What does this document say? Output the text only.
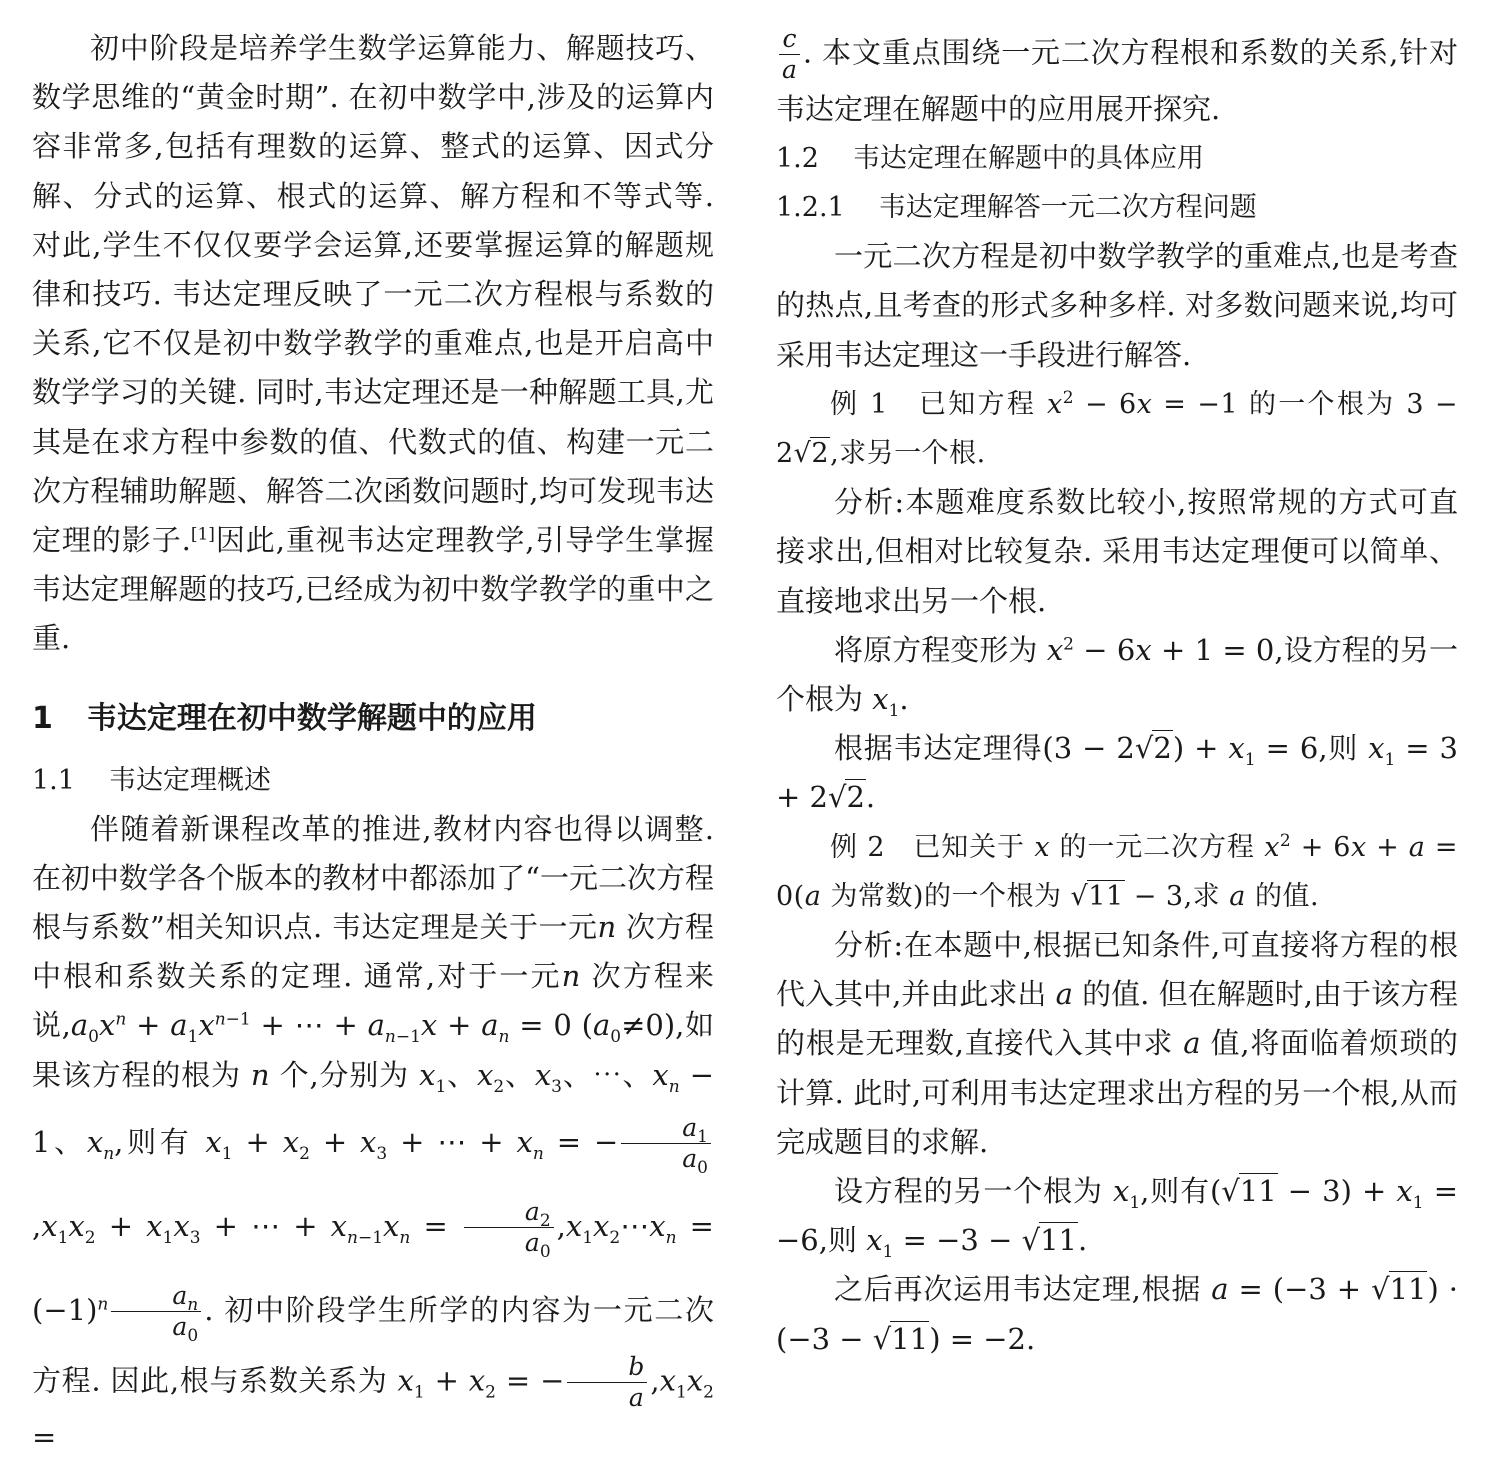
初中阶段是培养学生数学运算能力、解题技巧、数学思维的“黄金时期”. 在初中数学中,涉及的运算内容非常多,包括有理数的运算、整式的运算、因式分解、分式的运算、根式的运算、解方程和不等式等. 对此,学生不仅仅要学会运算,还要掌握运算的解题规律和技巧. 韦达定理反映了一元二次方程根与系数的关系,它不仅是初中数学教学的重难点,也是开启高中数学学习的关键. 同时,韦达定理还是一种解题工具,尤其是在求方程中参数的值、代数式的值、构建一元二次方程辅助解题、解答二次函数问题时,均可发现韦达定理的影子.[1]因此,重视韦达定理教学,引导学生掌握韦达定理解题的技巧,已经成为初中数学教学的重中之重.

1 韦达定理在初中数学解题中的应用
1.1 韦达定理概述

伴随着新课程改革的推进,教材内容也得以调整. 在初中数学各个版本的教材中都添加了“一元二次方程根与系数”相关知识点. 韦达定理是关于一元n 次方程中根和系数关系的定理. 通常,对于一元n 次方程来说$,a_0x^n + a_1x^{n-1}$ + ⋯ + $a_{n-1}x + a_n = 0$ $(a_0\ne 0)$,如果该方程的根为 n 个,分别为 $x_1$、$x_2$、$x_3$、⋯、$x_n - 1$、$x_n$,则有 $x_1 + x_2 + x_3$ + ⋯ + $x_n$ = − $\frac{a_1}{a_0}$
$,x_1x_2 + x_1x_3$ + ⋯ + $x_{n-1}x_n = \frac{a_2}{a_0}$ $,x_1x_2\cdots x_n = (-1)^n \frac{a_n}{a_0}$ . 初中阶段学生所学的内容为一元二次方程. 因此,根与系数关系为 $x_1 + x_2$ = − $\frac{b}{a} ,x_1x_2$ =

$\frac{c}{a}$ . 本文重点围绕一元二次方程根和系数的关系,针对韦达定理在解题中的应用展开探究.

1.2 韦达定理在解题中的具体应用
1.2.1 韦达定理解答一元二次方程问题

一元二次方程是初中数学教学的重难点,也是考查的热点,且考查的形式多种多样. 对多数问题来说,均可采用韦达定理这一手段进行解答.

例 1　 已知方程 $x^2 - 6x = -1$ 的一个根为 3 − 2√2,求另一个根.

分析:本题难度系数比较小,按照常规的方式可直接求出,但相对比较复杂. 采用韦达定理便可以简单、直接地求出另一个根.

将原方程变形为 $x^2 - 6x + 1 = 0$,设方程的另一个根为 $x_1$.

根据韦达定理得$(3 - 2√2) + x_1 = 6$,则 $x_1 = 3 + 2√2$.

例 2　 已知关于 x 的一元二次方程 $x^2 + 6x + a = 0(a$ 为常数)的一个根为 √11 − 3,求 a 的值.

分析:在本题中,根据已知条件,可直接将方程的根代入其中,并由此求出 a 的值. 但在解题时,由于该方程的根是无理数,直接代入其中求 a 值,将面临着烦琐的计算. 此时,可利用韦达定理求出方程的另一个根,从而完成题目的求解.

设方程的另一个根为 $x_1$,则有$(√11 - 3) + x_1 = -6$,则 $x_1 = -3 - √11$.

之后再次运用韦达定理,根据 a = (−3 + √11) · (−3 − √11) = −2.
